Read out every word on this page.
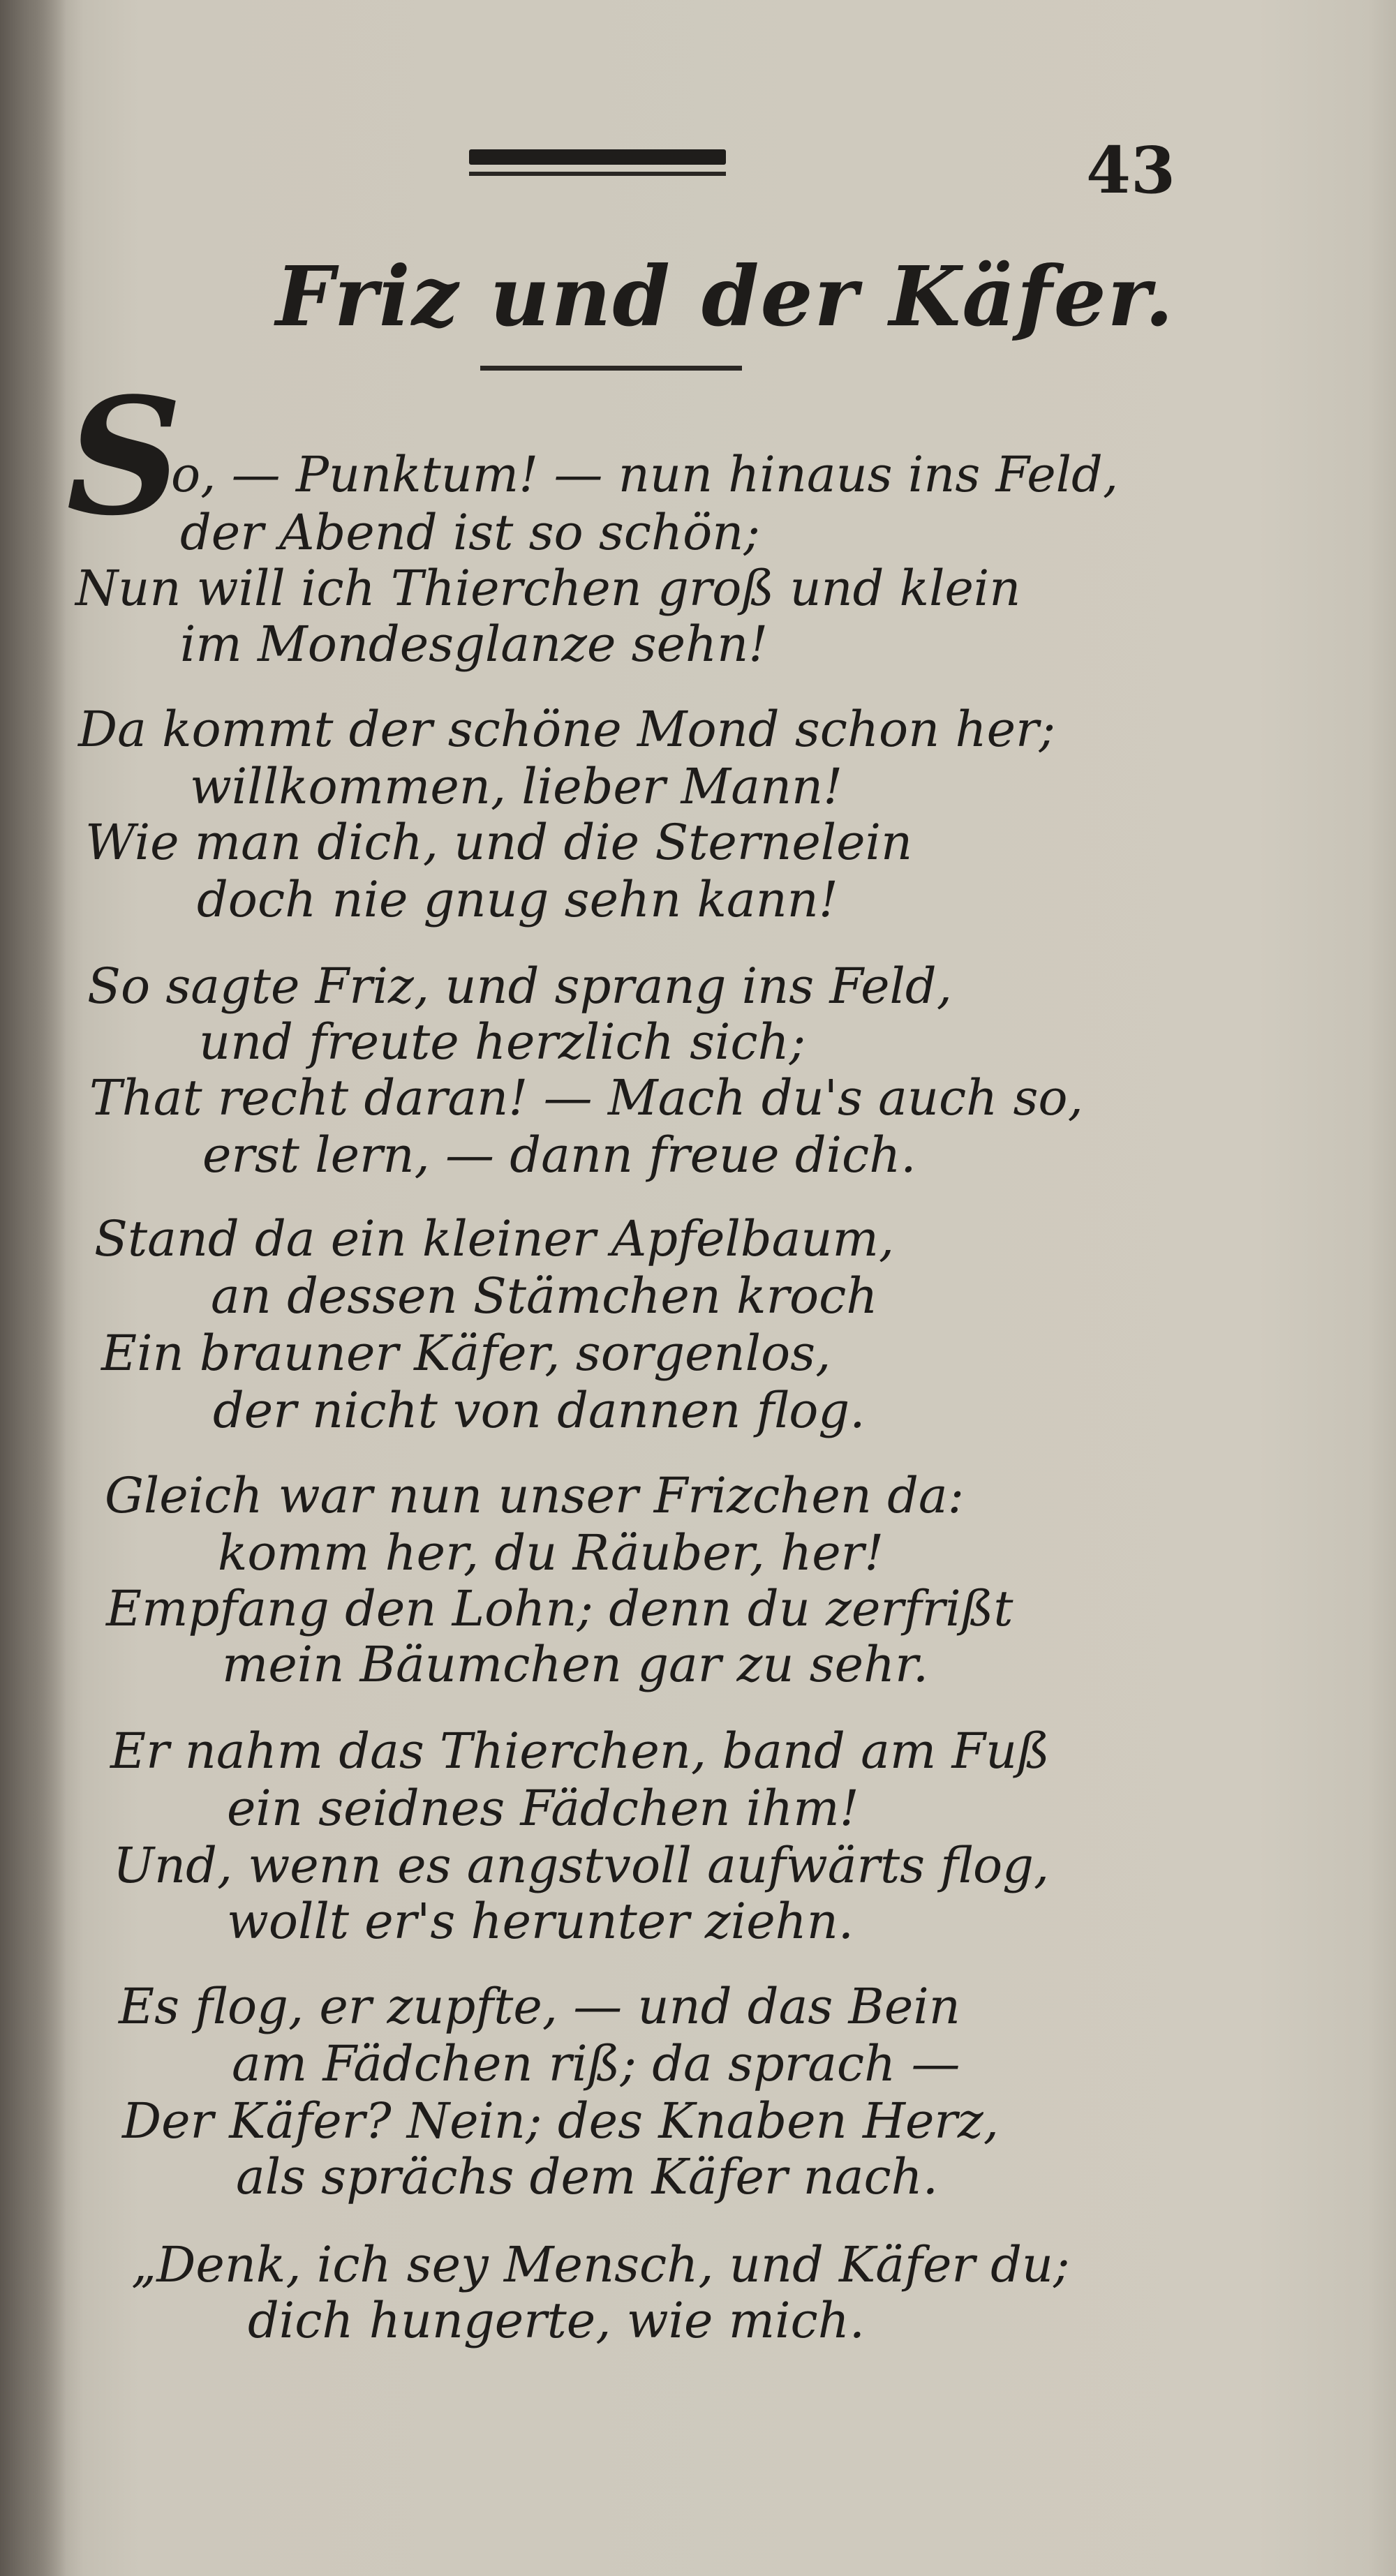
43
Friz und der Käfer.
S
o, — Punktum! — nun hinaus ins Feld,
der Abend ist so schön;
Nun will ich Thierchen groß und klein
im Mondesglanze sehn!
Da kommt der schöne Mond schon her;
willkommen, lieber Mann!
Wie man dich, und die Sternelein
doch nie gnug sehn kann!
So sagte Friz, und sprang ins Feld,
und freute herzlich sich;
That recht daran! — Mach du's auch so,
erst lern, — dann freue dich.
Stand da ein kleiner Apfelbaum,
an dessen Stämchen kroch
Ein brauner Käfer, sorgenlos,
der nicht von dannen flog.
Gleich war nun unser Frizchen da:
komm her, du Räuber, her!
Empfang den Lohn; denn du zerfrißt
mein Bäumchen gar zu sehr.
Er nahm das Thierchen, band am Fuß
ein seidnes Fädchen ihm!
Und, wenn es angstvoll aufwärts flog,
wollt er's herunter ziehn.
Es flog, er zupfte, — und das Bein
am Fädchen riß; da sprach —
Der Käfer? Nein; des Knaben Herz,
als sprächs dem Käfer nach.
„Denk, ich sey Mensch, und Käfer du;
dich hungerte, wie mich.
